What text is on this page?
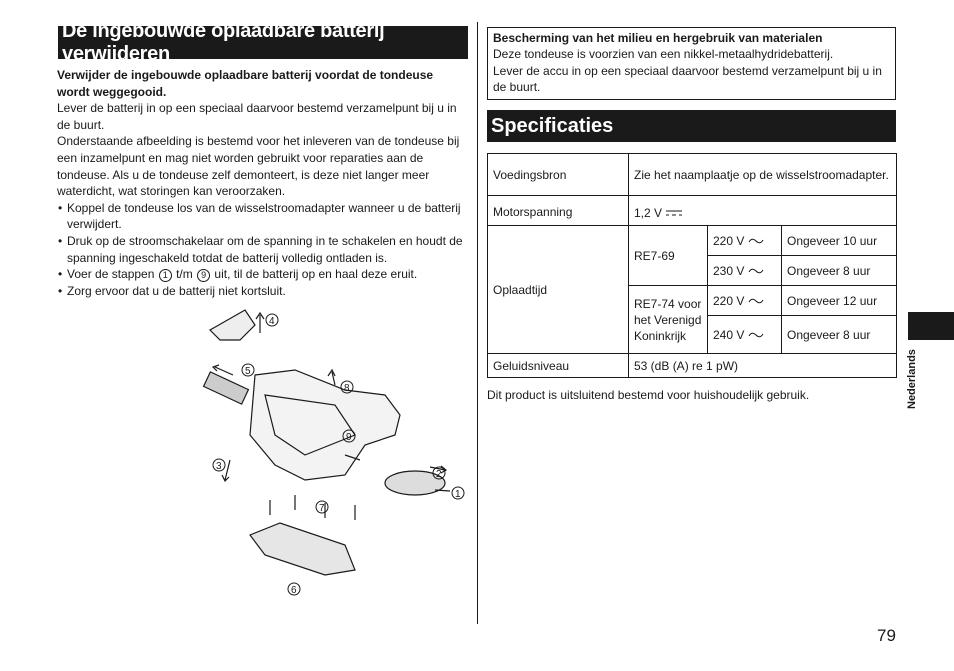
De ingebouwde oplaadbare batterij verwijderen
Verwijder de ingebouwde oplaadbare batterij voordat de tondeuse wordt weggegooid.
Lever de batterij in op een speciaal daarvoor bestemd verzamelpunt bij u in de buurt.
Onderstaande afbeelding is bestemd voor het inleveren van de tondeuse bij een inzamelpunt en mag niet worden gebruikt voor reparaties aan de tondeuse. Als u de tondeuse zelf demonteert, is deze niet langer meer waterdicht, wat storingen kan veroorzaken.
• Koppel de tondeuse los van de wisselstroomadapter wanneer u de batterij verwijdert.
• Druk op de stroomschakelaar om de spanning in te schakelen en houdt de spanning ingeschakeld totdat de batterij volledig ontladen is.
• Voer de stappen 1 t/m 9 uit, til de batterij op en haal deze eruit.
• Zorg ervoor dat u de batterij niet kortsluit.
1
2
3
4
5
6
7
8
9
Bescherming van het milieu en hergebruik van materialen
Deze tondeuse is voorzien van een nikkel-metaalhydridebatterij.
Lever de accu in op een speciaal daarvoor bestemd verzamelpunt bij u in de buurt.
Specificaties
Voedingsbron	Zie het naamplaatje op de wisselstroomadapter.		
Motorspanning	1,2 V		
Oplaadtijd	RE7-69	220 V	Ongeveer 10 uur
		230 V	Ongeveer 8 uur
	RE7-74 voor het Verenigd Koninkrijk	220 V	Ongeveer 12 uur
		240 V	Ongeveer 8 uur
Geluidsniveau	53 (dB (A) re 1 pW)		
Dit product is uitsluitend bestemd voor huishoudelijk gebruik.	Nederlands
79
